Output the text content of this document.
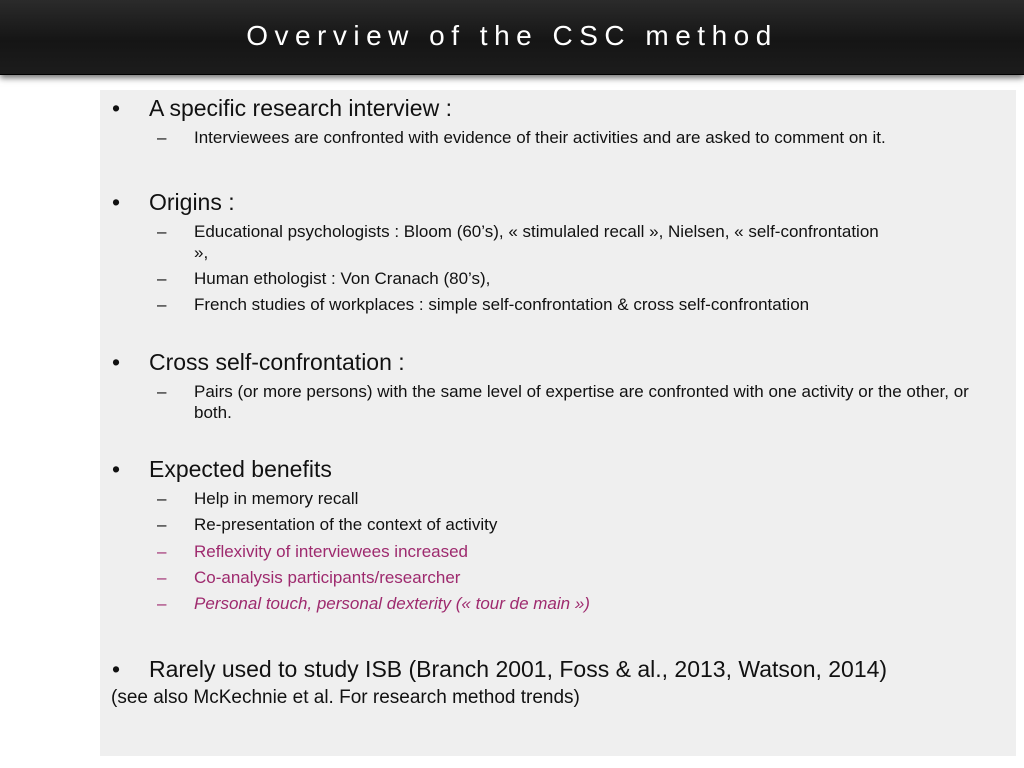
Overview of the CSC method
• A specific research interview :
– Interviewees are confronted with evidence of their activities and are asked to comment on it.
• Origins :
– Educational psychologists : Bloom (60’s), « stimulaled recall », Nielsen, « self-confrontation »,
– Human ethologist : Von Cranach (80’s),
– French studies of workplaces : simple self-confrontation & cross self-confrontation
• Cross self-confrontation :
– Pairs (or more persons) with the same level of expertise are confronted with one activity or the other, or both.
• Expected benefits
– Help in memory recall
– Re-presentation of the context of activity
– Reflexivity of interviewees increased
– Co-analysis participants/researcher
– Personal touch, personal dexterity (« tour de main »)
• Rarely used to study ISB (Branch 2001, Foss & al., 2013, Watson, 2014)
(see also McKechnie et al. For research method trends)
